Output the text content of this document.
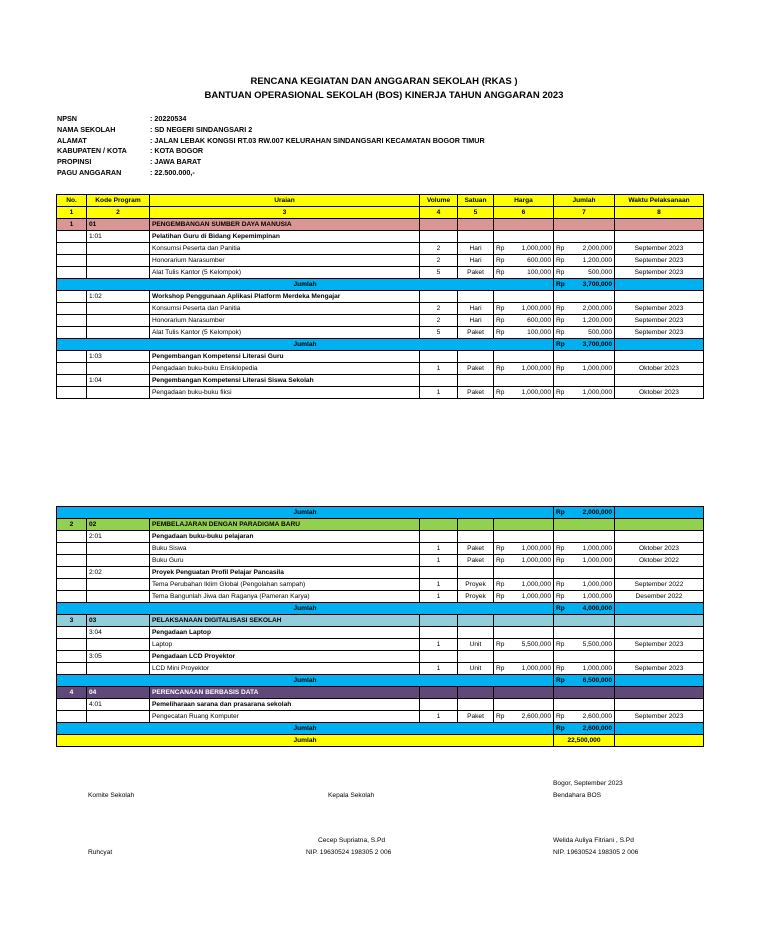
RENCANA KEGIATAN DAN ANGGARAN SEKOLAH (RKAS )
BANTUAN OPERASIONAL SEKOLAH (BOS) KINERJA TAHUN ANGGARAN 2023
NPSN	: 20220534
NAMA SEKOLAH	: SD NEGERI SINDANGSARI 2
ALAMAT	: JALAN LEBAK KONGSI RT.03 RW.007 KELURAHAN SINDANGSARI KECAMATAN BOGOR TIMUR
KABUPATEN / KOTA	: KOTA BOGOR
PROPINSI	: JAWA BARAT
PAGU ANGGARAN	: 22.500.000,-
No.	Kode Program	Uraian	Volume	Satuan	Harga	Jumlah	Waktu Pelaksanaan
1	2	3	4	5	6	7	8
1	01	PENGEMBANGAN SUMBER DAYA MANUSIA					
	1:01	Pelatihan Guru di Bidang Kepemimpinan					
		Konsumsi Peserta dan Panitia	2	Hari	Rp 1,000,000	Rp 2,000,000	September 2023
		Honorarium Narasumber	2	Hari	Rp 600,000	Rp 1,200,000	September 2023
		Alat Tulis Kantor (5 Kelompok)	5	Paket	Rp 100,000	Rp 500,000	September 2023
Jumlah						Rp 3,700,000	

	1:02	Workshop Penggunaan Aplikasi Platform Merdeka Mengajar					
		Konsumsi Peserta dan Panitia	2	Hari	Rp 1,000,000	Rp 2,000,000	September 2023
		Honorarium Narasumber	2	Hari	Rp 600,000	Rp 1,200,000	September 2023
		Alat Tulis Kantor (5 Kelompok)	5	Paket	Rp 100,000	Rp 500,000	September 2023
Jumlah						Rp 3,700,000	

	1:03	Pengembangan Kompetensi Literasi Guru					
		Pengadaan buku-buku Ensiklopedia	1	Paket	Rp 1,000,000	Rp 1,000,000	Oktober 2023
	1:04	Pengembangan Kompetensi Literasi Siswa Sekolah					
		Pengadaan buku-buku fiksi	1	Paket	Rp 1,000,000	Rp 1,000,000	Oktober 2023
Jumlah						Rp 2,000,000	

2	02	PEMBELAJARAN DENGAN PARADIGMA BARU					
	2:01	Pengadaan buku-buku pelajaran					
		Buku Siswa	1	Paket	Rp 1,000,000	Rp 1,000,000	Oktober 2023
		Buku Guru	1	Paket	Rp 1,000,000	Rp 1,000,000	Oktober 2022
	2:02	Proyek Penguatan Profil Pelajar Pancasila					
		Tema Perubahan Iklim Global (Pengolahan sampah)	1	Proyek	Rp 1,000,000	Rp 1,000,000	September 2022
		Tema Bangunlah Jiwa dan Raganya (Pameran Karya)	1	Proyek	Rp 1,000,000	Rp 1,000,000	Desember 2022
Jumlah						Rp 4,000,000	

3	03	PELAKSANAAN DIGITALISASI SEKOLAH					
	3:04	Pengadaan Laptop					
		Laptop	1	Unit	Rp 5,500,000	Rp 5,500,000	September 2023
	3:05	Pengadaan LCD Proyektor					
		LCD Mini Proyektor	1	Unit	Rp 1,000,000	Rp 1,000,000	September 2023
Jumlah						Rp 6,500,000	

4	04	PERENCANAAN BERBASIS DATA					
	4:01	Pemeliharaan sarana dan prasarana sekolah					
		Pengecatan Ruang Komputer	1	Paket	Rp 2,600,000	Rp 2,600,000	September 2023
Jumlah						Rp 2,600,000	

Jumlah						22,500,000	
Bogor, September 2023
Komite Sekolah	Kepala Sekolah	Bendahara BOS
Cecep Supriatna, S.Pd	Welida Auliya Fitriani , S.Pd
Ruhcyat	NIP. 19630524 198305 2 006	NIP. 19630524 198305 2 006
